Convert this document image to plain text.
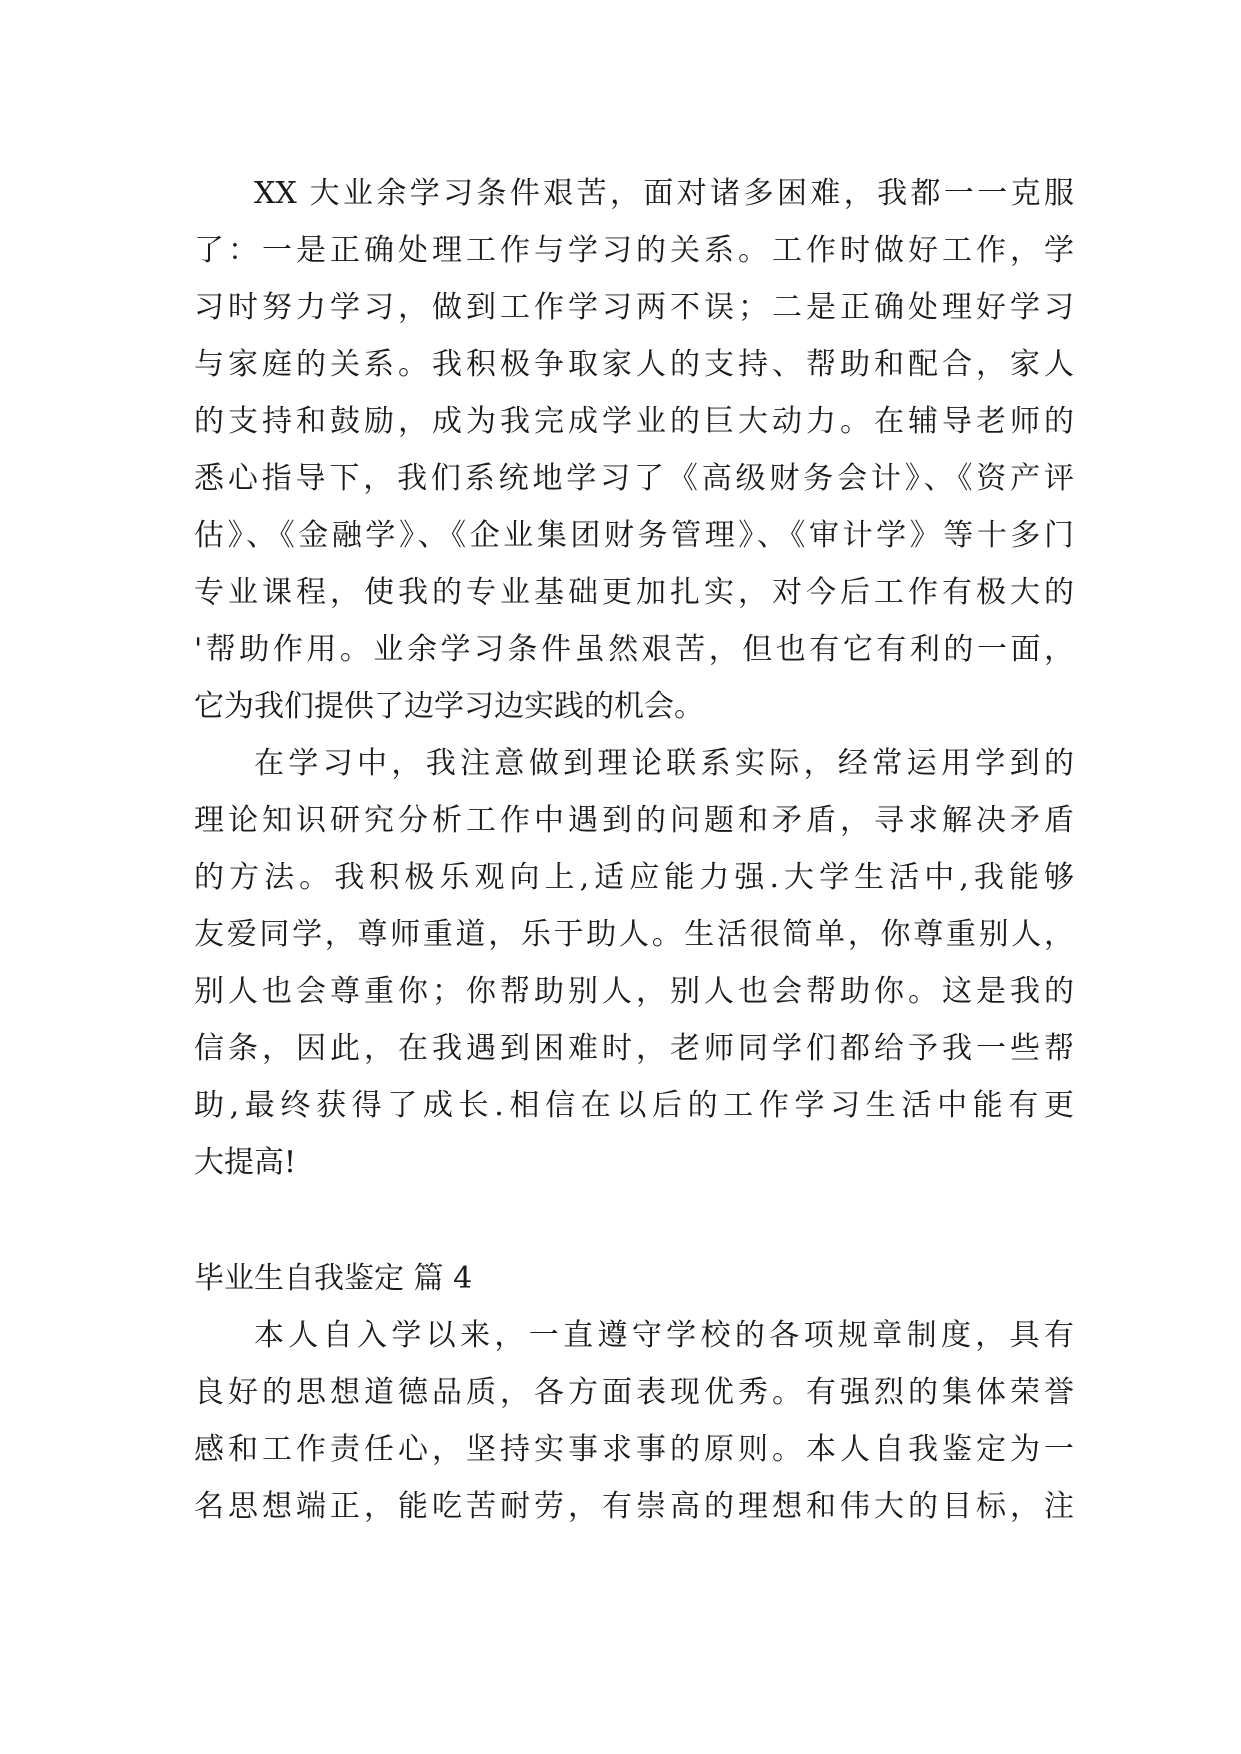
XX 大业余学习条件艰苦，面对诸多困难，我都一一克服
了：一是正确处理工作与学习的关系。工作时做好工作，学
习时努力学习，做到工作学习两不误；二是正确处理好学习
与家庭的关系。我积极争取家人的支持、帮助和配合，家人
的支持和鼓励，成为我完成学业的巨大动力。在辅导老师的
悉心指导下，我们系统地学习了《高级财务会计》、《资产评
估》、《金融学》、《企业集团财务管理》、《审计学》等十多门
专业课程，使我的专业基础更加扎实，对今后工作有极大的
'帮助作用。业余学习条件虽然艰苦，但也有它有利的一面，
它为我们提供了边学习边实践的机会。
在学习中，我注意做到理论联系实际，经常运用学到的
理论知识研究分析工作中遇到的问题和矛盾，寻求解决矛盾
的方法。我积极乐观向上,适应能力强.大学生活中,我能够
友爱同学，尊师重道，乐于助人。生活很简单，你尊重别人，
别人也会尊重你；你帮助别人，别人也会帮助你。这是我的
信条，因此，在我遇到困难时，老师同学们都给予我一些帮
助,最终获得了成长.相信在以后的工作学习生活中能有更
大提高!
毕业生自我鉴定 篇 4
本人自入学以来，一直遵守学校的各项规章制度，具有
良好的思想道德品质，各方面表现优秀。有强烈的集体荣誉
感和工作责任心，坚持实事求事的原则。本人自我鉴定为一
名思想端正，能吃苦耐劳，有崇高的理想和伟大的目标，注
